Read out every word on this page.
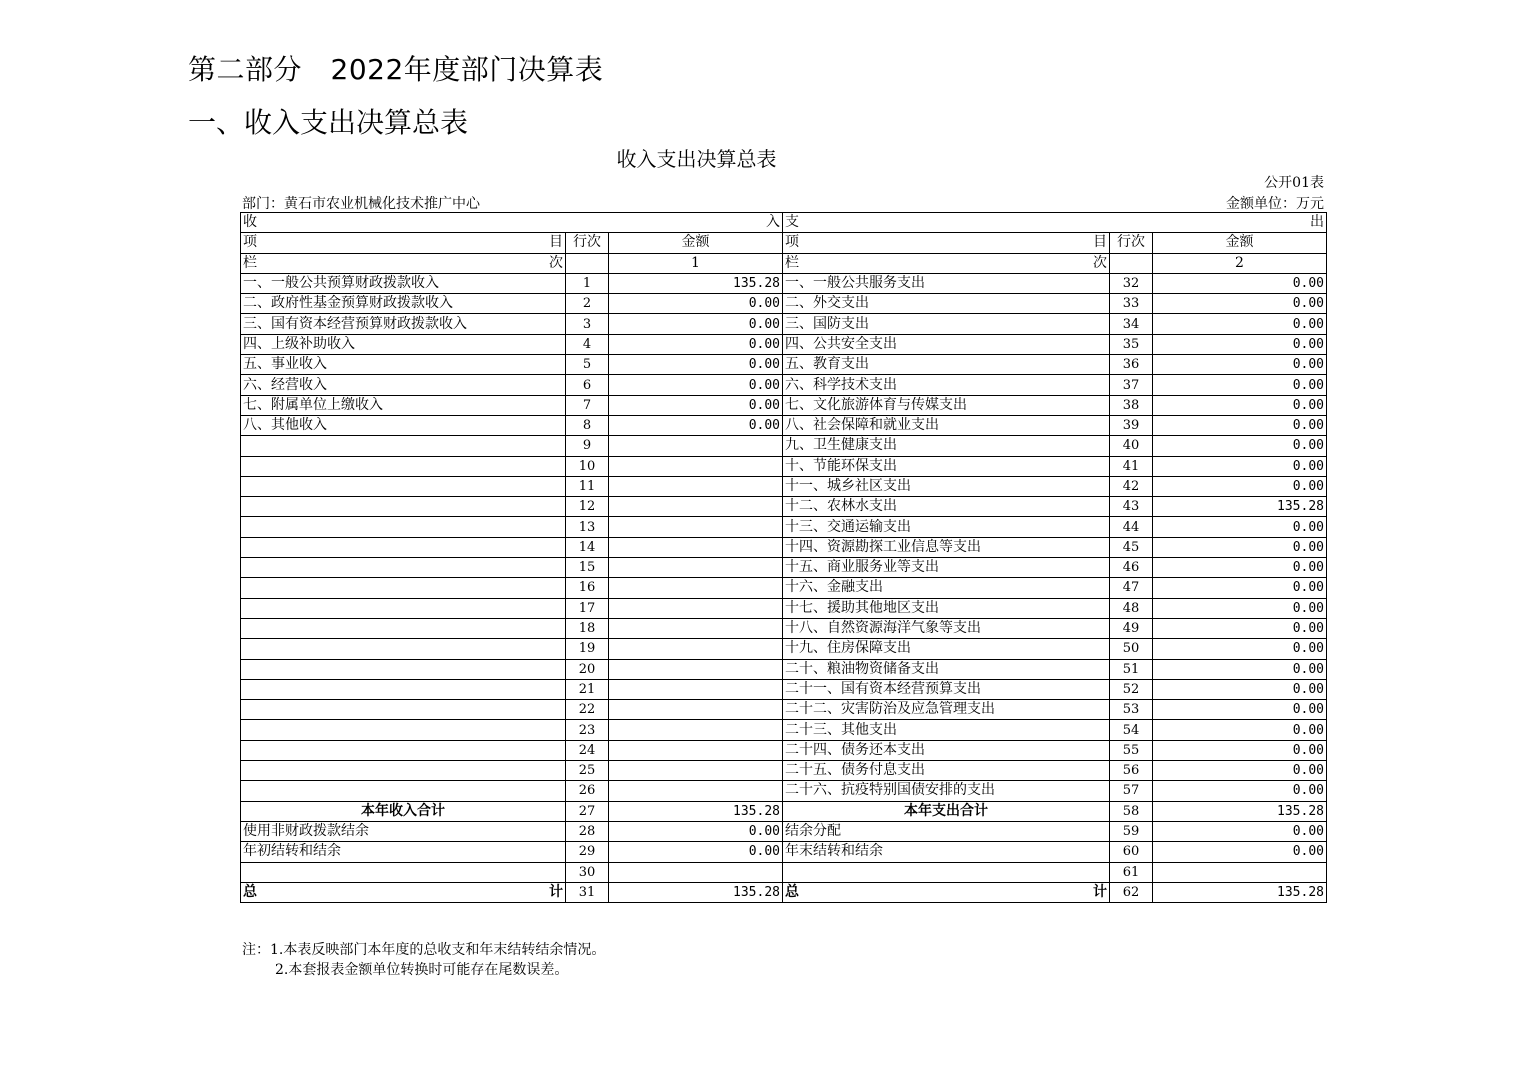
第二部分　2022年度部门决算表
一、收入支出决算总表
收入支出决算总表
公开01表
部门：黄石市农业机械化技术推广中心	金额单位：万元
收 入			支 出		

项 目	行次	金额	项 目	行次	金额

栏 次		1	栏 次		2
一、一般公共预算财政拨款收入	1	135.28	一、一般公共服务支出	32	0.00
二、政府性基金预算财政拨款收入	2	0.00	二、外交支出	33	0.00
三、国有资本经营预算财政拨款收入	3	0.00	三、国防支出	34	0.00
四、上级补助收入	4	0.00	四、公共安全支出	35	0.00
五、事业收入	5	0.00	五、教育支出	36	0.00
六、经营收入	6	0.00	六、科学技术支出	37	0.00
七、附属单位上缴收入	7	0.00	七、文化旅游体育与传媒支出	38	0.00
八、其他收入	8	0.00	八、社会保障和就业支出	39	0.00
	9		九、卫生健康支出	40	0.00
	10		十、节能环保支出	41	0.00
	11		十一、城乡社区支出	42	0.00
	12		十二、农林水支出	43	135.28
	13		十三、交通运输支出	44	0.00
	14		十四、资源勘探工业信息等支出	45	0.00
	15		十五、商业服务业等支出	46	0.00
	16		十六、金融支出	47	0.00
	17		十七、援助其他地区支出	48	0.00
	18		十八、自然资源海洋气象等支出	49	0.00
	19		十九、住房保障支出	50	0.00
	20		二十、粮油物资储备支出	51	0.00
	21		二十一、国有资本经营预算支出	52	0.00
	22		二十二、灾害防治及应急管理支出	53	0.00
	23		二十三、其他支出	54	0.00
	24		二十四、债务还本支出	55	0.00
	25		二十五、债务付息支出	56	0.00
	26		二十六、抗疫特别国债安排的支出	57	0.00
本年收入合计	27	135.28	本年支出合计	58	135.28
使用非财政拨款结余	28	0.00	结余分配	59	0.00
年初结转和结余	29	0.00	年末结转和结余	60	0.00
	30			61	

总 计	31	135.28	总 计	62	135.28
注：1.本表反映部门本年度的总收支和年末结转结余情况。
2.本套报表金额单位转换时可能存在尾数误差。
